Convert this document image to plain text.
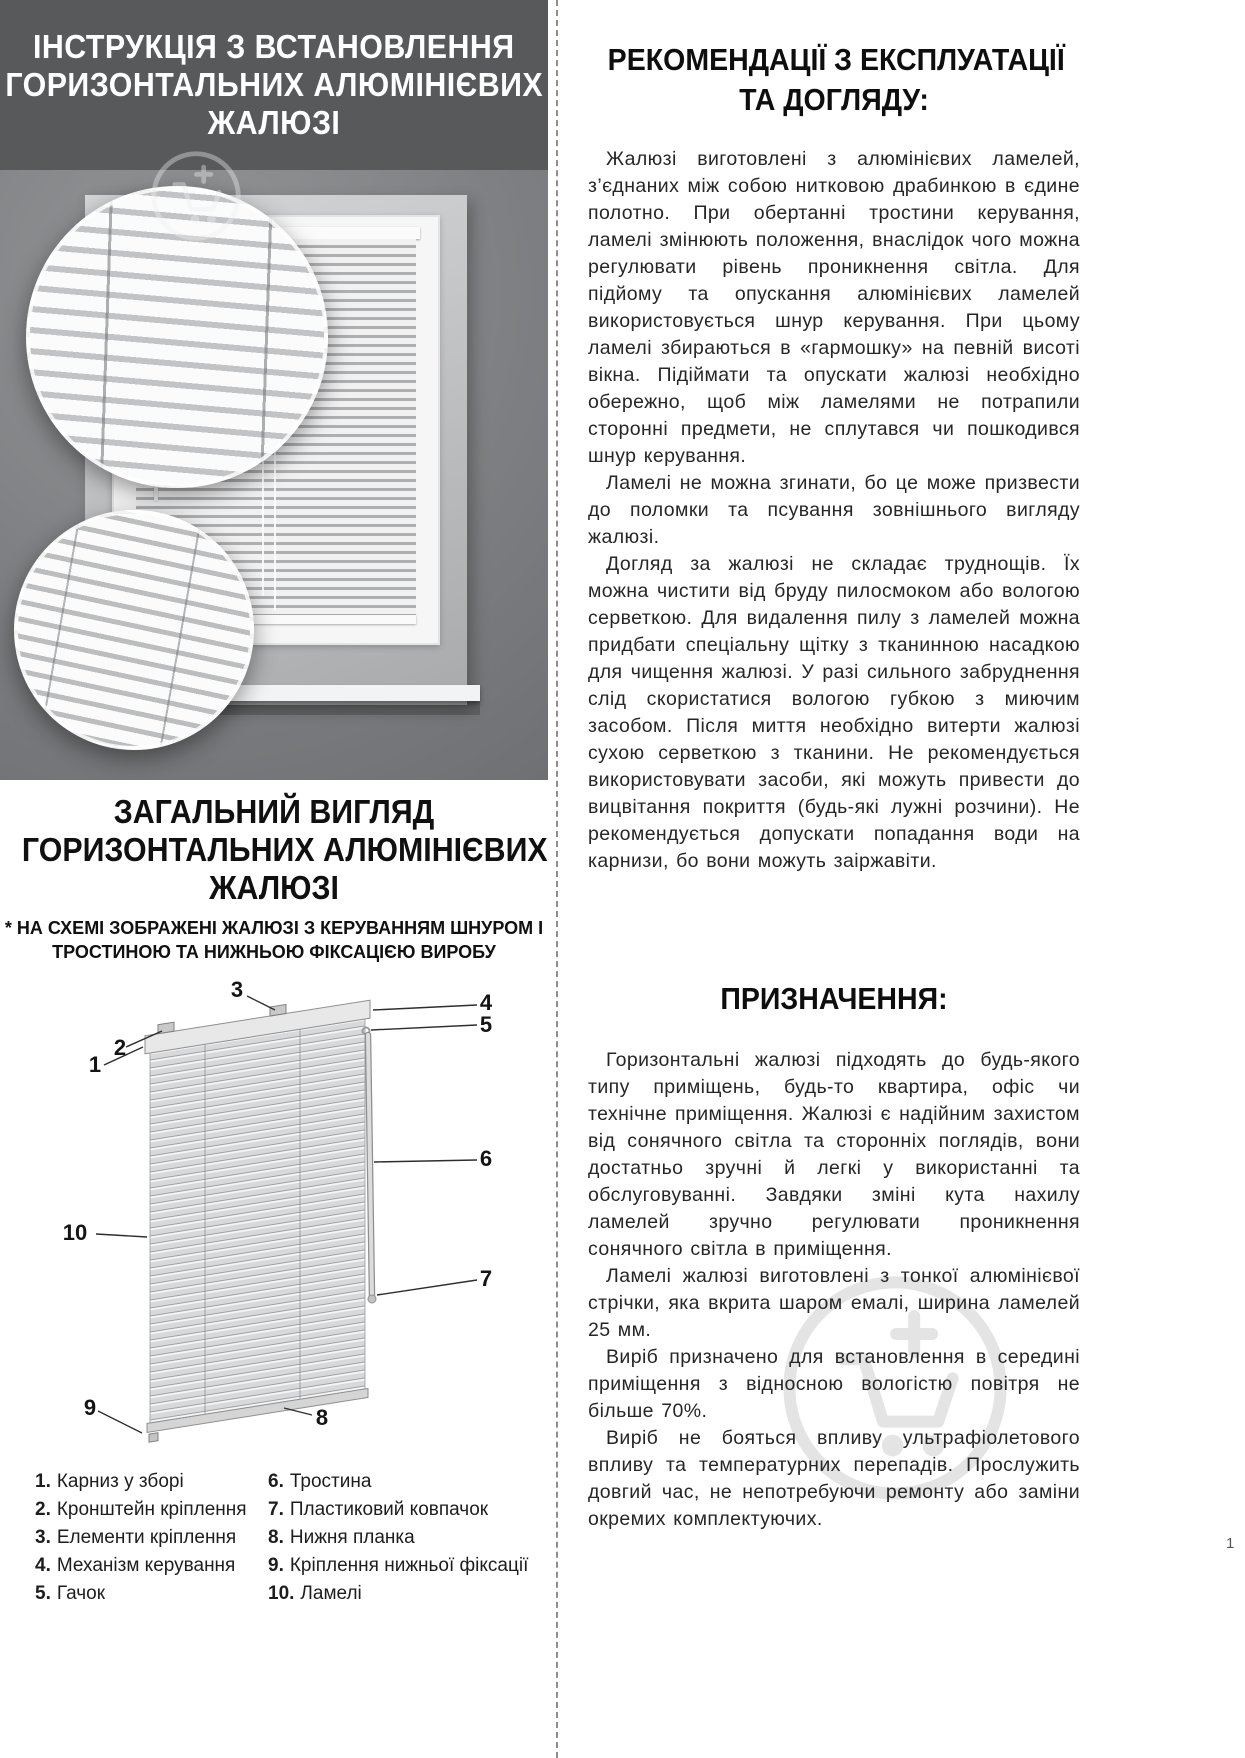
ІНСТРУКЦІЯ З ВСТАНОВЛЕННЯ
ГОРИЗОНТАЛЬНИХ АЛЮМІНІЄВИХ
ЖАЛЮЗІ
ЗАГАЛЬНИЙ ВИГЛЯД
ГОРИЗОНТАЛЬНИХ АЛЮМІНІЄВИХ
ЖАЛЮЗІ
* НА СХЕМІ ЗОБРАЖЕНІ ЖАЛЮЗІ З КЕРУВАННЯМ ШНУРОМ І
ТРОСТИНОЮ ТА НИЖНЬОЮ ФІКСАЦІЄЮ ВИРОБУ
1
2
3
4
5
6
7
8
9
10
1. Карниз у зборі
2. Кронштейн кріплення
3. Елементи кріплення
4. Механізм керування
5. Гачок
6. Тростина
7. Пластиковий ковпачок
8. Нижня планка
9. Кріплення нижньої фіксації
10. Ламелі
РЕКОМЕНДАЦІЇ З ЕКСПЛУАТАЦІЇ
ТА ДОГЛЯДУ:

Жалюзі виготовлені з алюмінієвих ламелей, з’єднаних між собою нитковою драбинкою в єдине полотно. При обертанні тростини керування, ламелі змінюють положення, внаслідок чого можна регулювати рівень проникнення світла. Для підйому та опускання алюмінієвих ламелей використовується шнур керування. При цьому ламелі збираються в «гармошку» на певній висоті вікна. Підіймати та опускати жалюзі необхідно обережно, щоб між ламелями не потрапили сторонні предмети, не сплутався чи пошкодився шнур керування.

Ламелі не можна згинати, бо це може призвести до поломки та псування зовнішнього вигляду жалюзі.

Догляд за жалюзі не складає труднощів. Їх можна чистити від бруду пилосмоком або вологою серветкою. Для видалення пилу з ламелей можна придбати спеціальну щітку з тканинною насадкою для чищення жалюзі. У разі сильного забруднення слід скористатися вологою губкою з миючим засобом. Після миття необхідно витерти жалюзі сухою серветкою з тканини. Не рекомендується використовувати засоби, які можуть привести до вицвітання покриття (будь-які лужні розчини). Не рекомендується допускати попадання води на карнизи, бо вони можуть заіржавіти.

ПРИЗНАЧЕННЯ:

Горизонтальні жалюзі підходять до будь-якого типу приміщень, будь-то квартира, офіс чи технічне приміщення. Жалюзі є надійним захистом від сонячного світла та сторонніх поглядів, вони достатньо зручні й легкі у використанні та обслуговуванні. Завдяки зміні кута нахилу ламелей зручно регулювати проникнення сонячного світла в приміщення.

Ламелі жалюзі виготовлені з тонкої алюмінієвої стрічки, яка вкрита шаром емалі, ширина ламелей 25 мм.

Виріб призначено для встановлення в середині приміщення з відносною вологістю повітря не більше 70%.

Виріб не бояться впливу ультрафіолетового впливу та температурних перепадів. Прослужить довгий час, не непотребуючи ремонту або заміни окремих комплектуючих.

1
